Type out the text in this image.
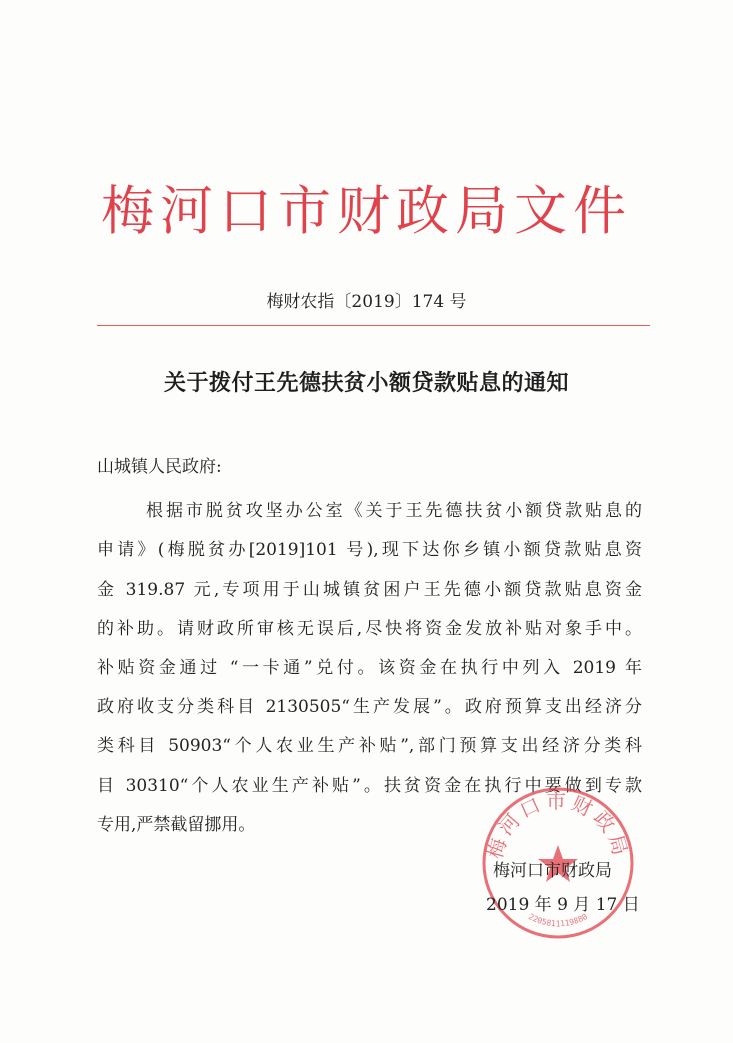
梅河口市财政局文件
梅财农指〔2019〕174 号
关于拨付王先德扶贫小额贷款贴息的通知
山城镇人民政府:
根据市脱贫攻坚办公室《关于王先德扶贫小额贷款贴息的
申请》(梅脱贫办[2019]101 号),现下达你乡镇小额贷款贴息资
金 319.87 元,专项用于山城镇贫困户王先德小额贷款贴息资金
的补助。请财政所审核无误后,尽快将资金发放补贴对象手中。
补贴资金通过 “一卡通”兑付。该资金在执行中列入 2019 年
政府收支分类科目 2130505“生产发展”。政府预算支出经济分
类科目 50903“个人农业生产补贴”,部门预算支出经济分类科
目 30310“个人农业生产补贴”。扶贫资金在执行中要做到专款
专用,严禁截留挪用。
梅河口市财政局
2205811119880
梅河口市财政局
2019 年 9 月 17 日
